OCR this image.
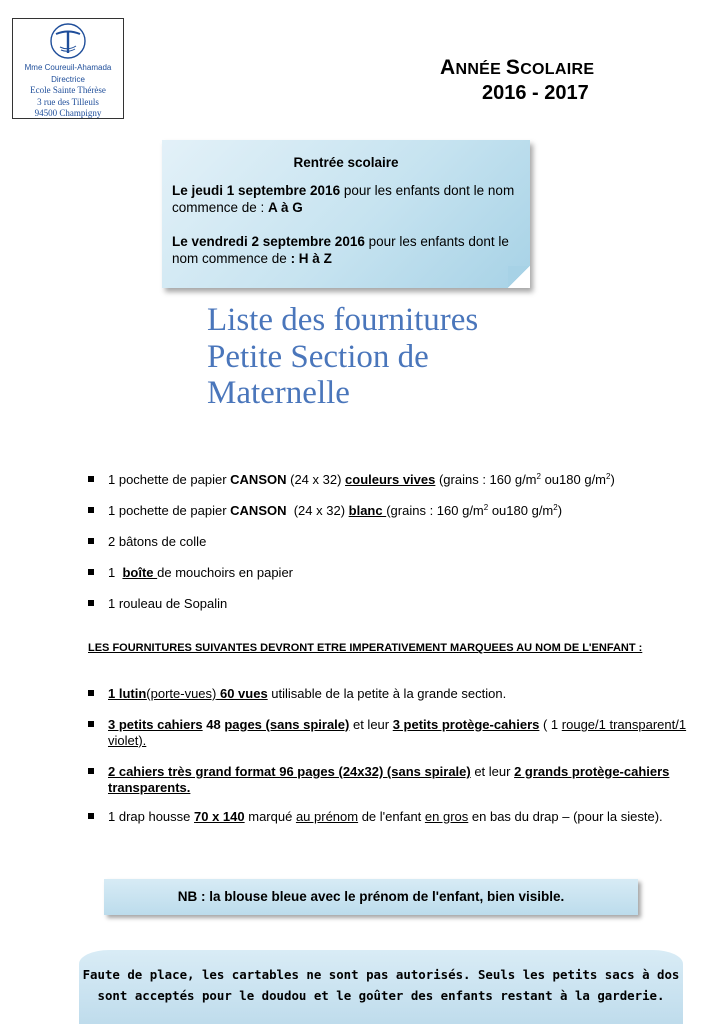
Mme Coureuil-Ahamada
Directrice
Ecole Sainte Thérèse
3 rue des Tilleuls
94500 Champigny
ANNÉE SCOLAIRE
2016 - 2017
Rentrée scolaire
Le jeudi 1 septembre 2016 pour les enfants dont le nom commence de : A à G
Le vendredi 2 septembre 2016 pour les enfants dont le nom commence de : H à Z
Liste des fournitures
Petite Section de
Maternelle
1 pochette de papier CANSON (24 x 32) couleurs vives (grains : 160 $g/m^2$ ou180 $g/m^2$)
1 pochette de papier CANSON  (24 x 32) blanc (grains : 160 $g/m^2$ ou180 $g/m^2$)
2 bâtons de colle
1  boîte de mouchoirs en papier
1 rouleau de Sopalin
LES FOURNITURES SUIVANTES DEVRONT ETRE IMPERATIVEMENT MARQUEES AU NOM DE L'ENFANT :
1 lutin(porte-vues) 60 vues utilisable de la petite à la grande section.
3 petits cahiers 48 pages (sans spirale) et leur 3 petits protège-cahiers ( 1 rouge/1 transparent/1 violet).
2 cahiers très grand format 96 pages (24x32) (sans spirale) et leur 2 grands protège-cahiers transparents.
1 drap housse 70 x 140 marqué au prénom de l'enfant en gros en bas du drap – (pour la sieste).
NB : la blouse bleue avec le prénom de l'enfant, bien visible.
Faute de place, les cartables ne sont pas autorisés. Seuls les petits sacs à dos sont acceptés pour le doudou et le goûter des enfants restant à la garderie.
